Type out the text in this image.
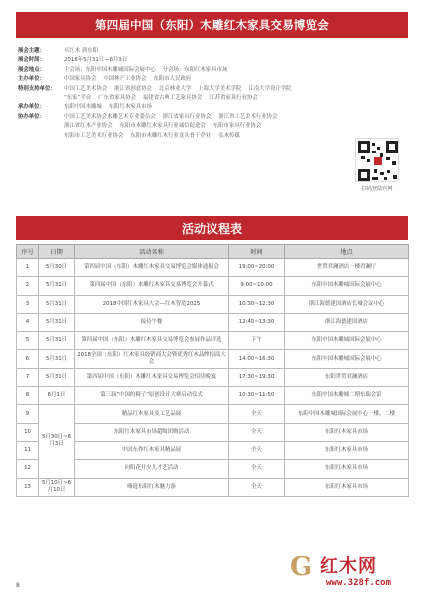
第四届中国（东阳）木雕红木家具交易博览会
展会主题：	买红木 到东阳
展会时间：	2018年5月31日—6月3日
展会地点：	主会场：东阳中国木雕城国际会展中心 分会场：东阳红木家具市场
主办单位：	中国家具协会 中国林产工业协会 东阳市人民政府
特别支持单位：	中国工艺美术协会 浙江省创意协会 北京林业大学 上海大学美术学院 江南大学设计学院
“东家”平台 广东省家具协会 福建省古典工艺家具协会 江苏省家具行业协会
承办单位：	东阳中国木雕城 东阳红木家具市场
协办单位：	中国工艺美术协会木雕艺术专业委员会 浙江省家具行业协会 浙江省工艺美术行业协会
浙江省红木产业协会 东阳市木雕红木家具行业诚信促进会 东阳市家具行业协会
东阳市工艺美术行业协会 东阳市木雕红木行业龙头骨干企业 弘木传媒
扫码登陆官网
活动议程表
序号	日期	活动名称	时间	地点
1	5月30日	第四届中国（东阳）木雕红木家具交易博览会媒体通报会	19:00~20:00	世贸君澜酒店一楼君澜厅
2	5月31日	第四届中国（东阳）木雕红木家具交易博览会开幕式	9:00~10:00	东阳中国木雕城国际会展中心
3	5月31日	2018中国红木家具大会—红木智造2025	10:30~12:30	浙江海德建国酒店长城会议中心
4	5月31日	接待午餐	12:40~13:30	浙江海德建国酒店
5	5月31日	第四届中国（东阳）木雕红木家具交易博览会参展作品评选	下午	东阳中国木雕城国际会展中心
6	5月31日	2018全国（东阳）红木家具经销商大会暨优秀红木品牌招商大会	14:00~16:30	东阳中国木雕城国际会展中心
7	5月31日	第四届中国（东阳）木雕红木家具交易博览会招待晚宴	17:30~19:30	东阳世贸君澜酒店
8	6月1日	第三届“中国的椅子”原创设计大赛启动仪式	10:30~11:50	东阳中国木雕城二期东瑞会馆
9	5月30日~6月3日	精品红木家具及工艺品展	全天	东阳中国木雕城国际会展中心一楼、二楼
10		东阳红木家具市场超级团购活动	全天	东阳红木家具市场
11		中国东作红木家具精品展	全天	东阳红木家具市场
12		向阳花开少儿才艺活动	全天	东阳红木家具市场
13	5月10日~6月10日	嗨逛东阳红木魅力游	全天	东阳红木家具市场
G 红木网
www.328f.com
8
